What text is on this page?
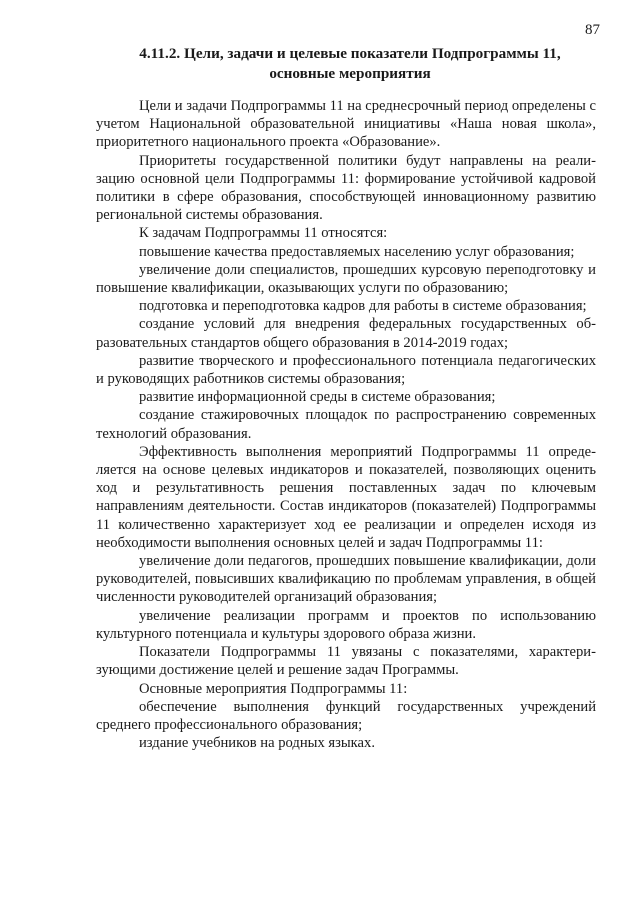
87
4.11.2. Цели, задачи и целевые показатели Подпрограммы 11,
основные мероприятия

Цели и задачи Подпрограммы 11 на среднесрочный период определены с учетом Национальной образовательной инициативы «Наша новая школа», приоритетного национального проекта «Образование».

Приоритеты государственной политики будут направлены на реализацию основной цели Подпрограммы 11: формирование устойчивой кадровой политики в сфере образования, способствующей инновационному развитию региональной системы образования.

К задачам Подпрограммы 11 относятся:

повышение качества предоставляемых населению услуг образования;

увеличение доли специалистов, прошедших курсовую переподготовку и повышение квалификации, оказывающих услуги по образованию;

подготовка и переподготовка кадров для работы в системе образования;

создание условий для внедрения федеральных государственных образовательных стандартов общего образования в 2014-2019 годах;

развитие творческого и профессионального потенциала педагогических и руководящих работников системы образования;

развитие информационной среды в системе образования;

создание стажировочных площадок по распространению современных технологий образования.

Эффективность выполнения мероприятий Подпрограммы 11 определяется на основе целевых индикаторов и показателей, позволяющих оценить ход и результативность решения поставленных задач по ключевым направлениям деятельности. Состав индикаторов (показателей) Подпрограммы 11 количественно характеризует ход ее реализации и определен исходя из необходимости выполнения основных целей и задач Подпрограммы 11:

увеличение доли педагогов, прошедших повышение квалификации, доли руководителей, повысивших квалификацию по проблемам управления, в общей численности руководителей организаций образования;

увеличение реализации программ и проектов по использованию культурного потенциала и культуры здорового образа жизни.

Показатели Подпрограммы 11 увязаны с показателями, характеризующими достижение целей и решение задач Программы.

Основные мероприятия Подпрограммы 11:

обеспечение выполнения функций государственных учреждений среднего профессионального образования;

издание учебников на родных языках.
